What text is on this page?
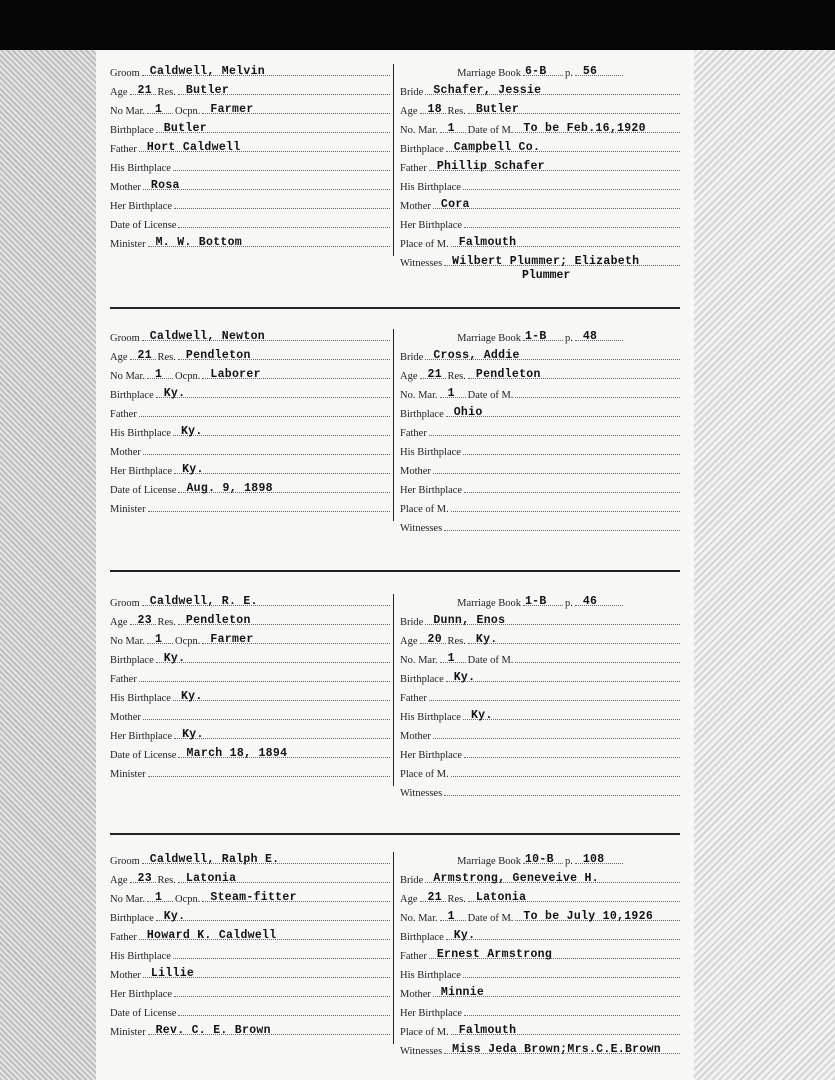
Groom Caldwell, Melvin
Age 21 Res. Butler
No Mar. 1 Ocpn. Farmer
Birthplace Butler
Father Hort Caldwell
His Birthplace
Mother Rosa
Her Birthplace
Date of License
Minister M. W. Bottom
Marriage Book 6-B p. 56
Bride Schafer, Jessie
Age 18 Res. Butler
No. Mar. 1 Date of M. To be Feb.16,1920
Birthplace Campbell Co.
Father Phillip Schafer
His Birthplace
Mother Cora
Her Birthplace
Place of M. Falmouth
Witnesses Wilbert Plummer; Elizabeth
Plummer
Groom Caldwell, Newton
Age 21 Res. Pendleton
No Mar. 1 Ocpn. Laborer
Birthplace Ky.
Father
His Birthplace Ky.
Mother
Her Birthplace Ky.
Date of License Aug. 9, 1898
Minister
Marriage Book 1-B p. 48
Bride Cross, Addie
Age 21 Res. Pendleton
No. Mar. 1 Date of M.
Birthplace Ohio
Father
His Birthplace
Mother
Her Birthplace
Place of M.
Witnesses
Groom Caldwell, R. E.
Age 23 Res. Pendleton
No Mar. 1 Ocpn. Farmer
Birthplace Ky.
Father
His Birthplace Ky.
Mother
Her Birthplace Ky.
Date of License March 18, 1894
Minister
Marriage Book 1-B p. 46
Bride Dunn, Enos
Age 20 Res. Ky.
No. Mar. 1 Date of M.
Birthplace Ky.
Father
His Birthplace Ky.
Mother
Her Birthplace
Place of M.
Witnesses
Groom Caldwell, Ralph E.
Age 23 Res. Latonia
No Mar. 1 Ocpn. Steam-fitter
Birthplace Ky.
Father Howard K. Caldwell
His Birthplace
Mother Lillie
Her Birthplace
Date of License
Minister Rev. C. E. Brown
Marriage Book 10-B p. 108
Bride Armstrong, Geneveive H.
Age 21 Res. Latonia
No. Mar. 1 Date of M. To be July 10,1926
Birthplace Ky.
Father Ernest Armstrong
His Birthplace
Mother Minnie
Her Birthplace
Place of M. Falmouth
Witnesses Miss Jeda Brown;Mrs.C.E.Brown
